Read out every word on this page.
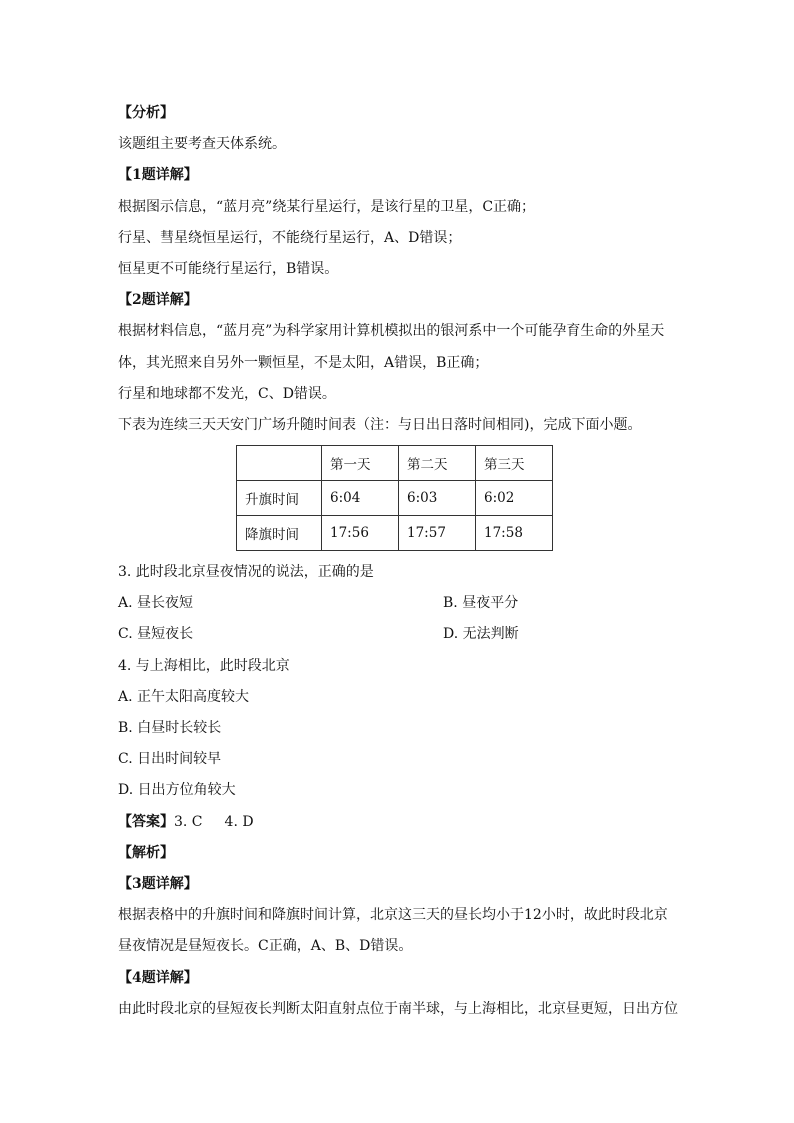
【分析】
该题组主要考查天体系统。
【1题详解】
根据图示信息，“蓝月亮”绕某行星运行，是该行星的卫星，C正确；
行星、彗星绕恒星运行，不能绕行星运行，A、D错误；
恒星更不可能绕行星运行，B错误。
【2题详解】
根据材料信息，“蓝月亮”为科学家用计算机模拟出的银河系中一个可能孕育生命的外星天
体，其光照来自另外一颗恒星，不是太阳，A错误，B正确；
行星和地球都不发光，C、D错误。
下表为连续三天天安门广场升随时间表（注：与日出日落时间相同)，完成下面小题。
	第一天	第二天	第三天
升旗时间	6:04	6:03	6:02
降旗时间	17:56	17:57	17:58
3. 此时段北京昼夜情况的说法，正确的是
A. 昼长夜短	B. 昼夜平分
C. 昼短夜长	D. 无法判断
4. 与上海相比，此时段北京
A. 正午太阳高度较大
B. 白昼时长较长
C. 日出时间较早
D. 日出方位角较大
【答案】3. C 4. D
【解析】
【3题详解】
根据表格中的升旗时间和降旗时间计算，北京这三天的昼长均小于12小时，故此时段北京
昼夜情况是昼短夜长。C正确，A、B、D错误。
【4题详解】
由此时段北京的昼短夜长判断太阳直射点位于南半球，与上海相比，北京昼更短，日出方位
